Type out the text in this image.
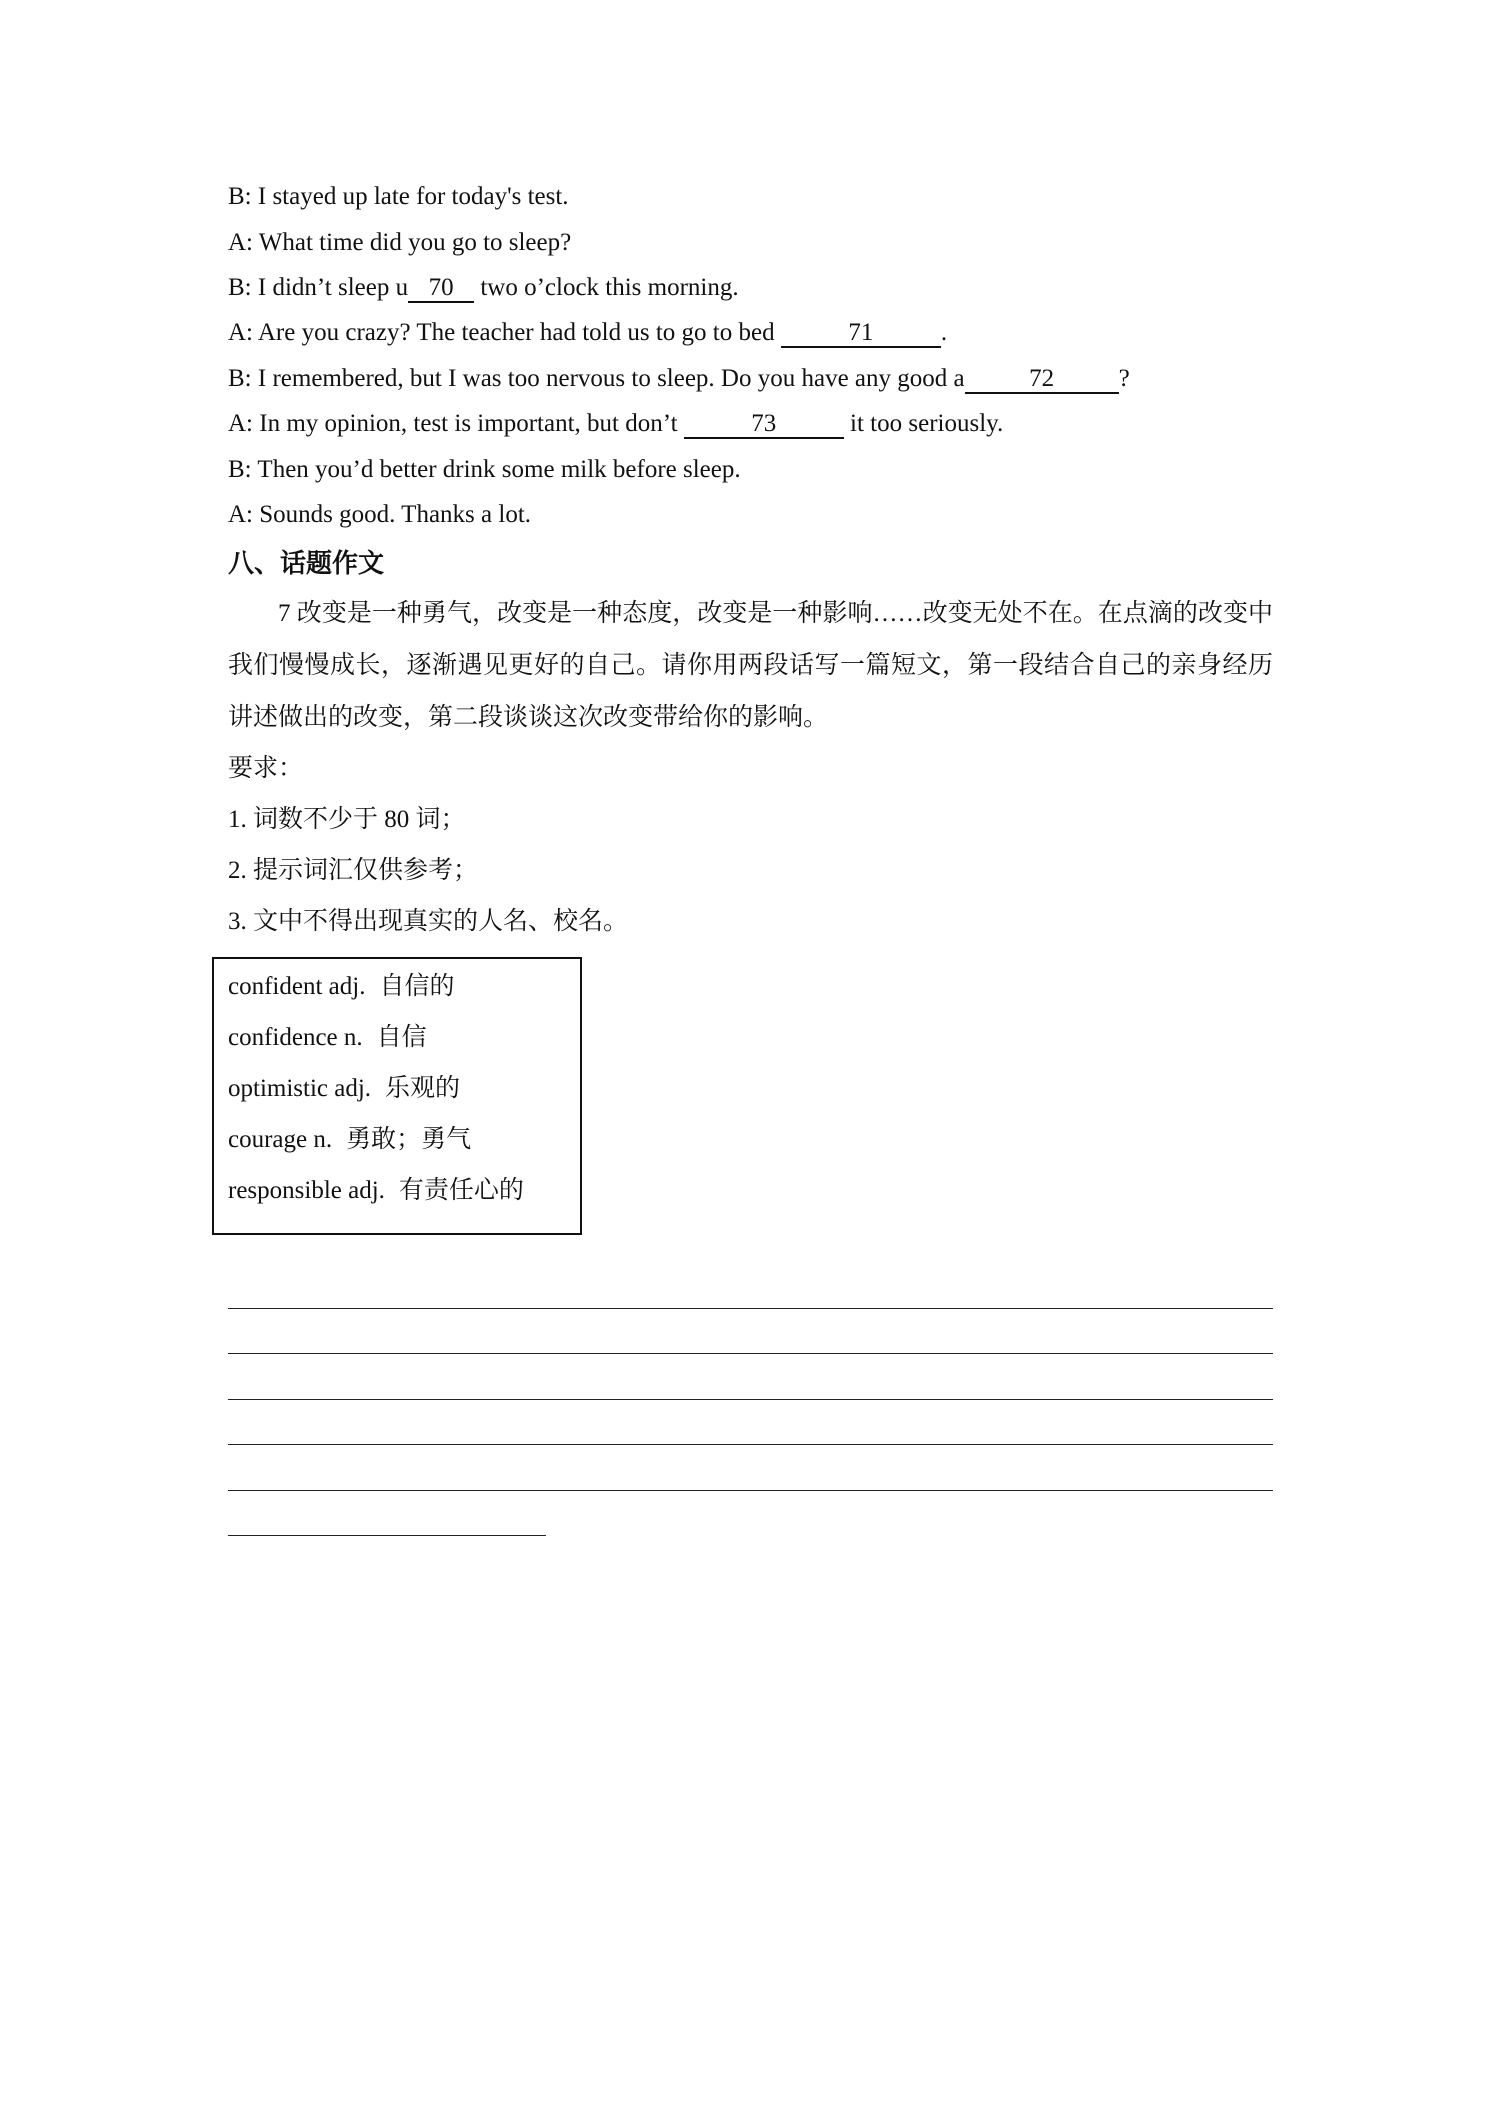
B: I stayed up late for today's test.
A: What time did you go to sleep?
B: I didn’t sleep u 70 two o’clock this morning.
A: Are you crazy? The teacher had told us to go to bed	71	.
B: I remembered, but I was too nervous to sleep. Do you have any good a	72	?
A: In my opinion, test is important, but don’t	73	it too seriously.
B: Then you’d better drink some milk before sleep.
A: Sounds good. Thanks a lot.
八、话题作文
7 改变是一种勇气，改变是一种态度，改变是一种影响……改变无处不在。在点滴的改变中我们慢慢成长，逐渐遇见更好的自己。请你用两段话写一篇短文，第一段结合自己的亲身经历讲述做出的改变，第二段谈谈这次改变带给你的影响。
要求：
1. 词数不少于 80 词；
2. 提示词汇仅供参考；
3. 文中不得出现真实的人名、校名。
confident adj. 自信的
confidence n. 自信
optimistic adj. 乐观的
courage n. 勇敢；勇气
responsible adj. 有责任心的
